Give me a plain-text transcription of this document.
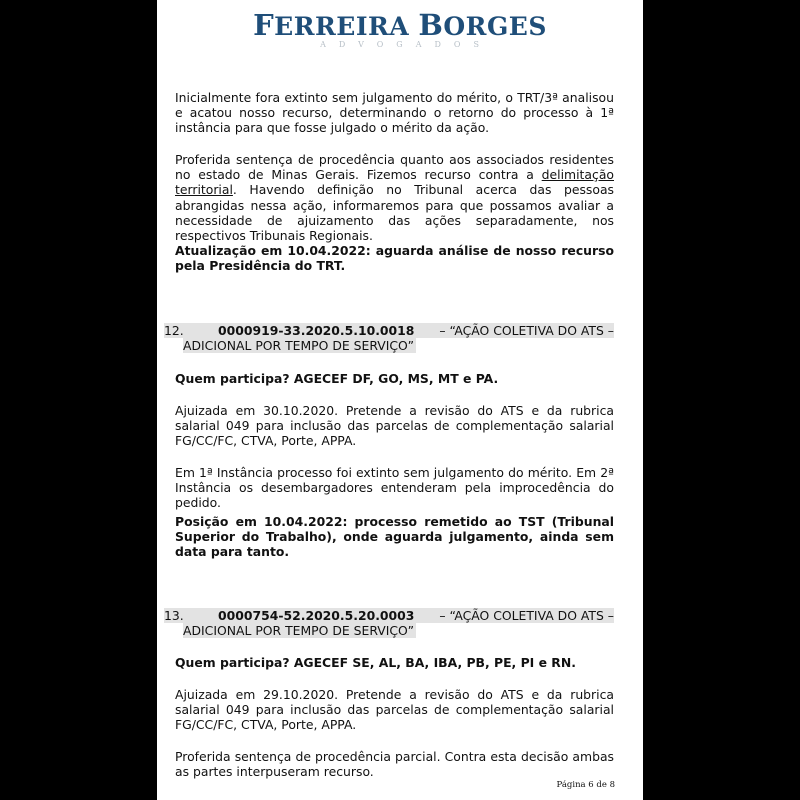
FERREIRA BORGES
ADVOGADOS

Inicialmente fora extinto sem julgamento do mérito, o TRT/3ª analisou e acatou nosso recurso, determinando o retorno do processo à 1ª instância para que fosse julgado o mérito da ação.

Proferida sentença de procedência quanto aos associados residentes no estado de Minas Gerais. Fizemos recurso contra a delimitação territorial. Havendo definição no Tribunal acerca das pessoas abrangidas nessa ação, informaremos para que possamos avaliar a necessidade de ajuizamento das ações separadamente, nos respectivos Tribunais Regionais.

Atualização em 10.04.2022: aguarda análise de nosso recurso pela Presidência do TRT.

12.	0000919-33.2020.5.10.0018 – “AÇÃO COLETIVA DO ATS –
ADICIONAL POR TEMPO DE SERVIÇO”

Quem participa? AGECEF DF, GO, MS, MT e PA.

Ajuizada em 30.10.2020. Pretende a revisão do ATS e da rubrica salarial 049 para inclusão das parcelas de complementação salarial FG/CC/FC, CTVA, Porte, APPA.

Em 1ª Instância processo foi extinto sem julgamento do mérito. Em 2ª Instância os desembargadores entenderam pela improcedência do pedido.

Posição em 10.04.2022: processo remetido ao TST (Tribunal Superior do Trabalho), onde aguarda julgamento, ainda sem data para tanto.

13.	0000754-52.2020.5.20.0003 – “AÇÃO COLETIVA DO ATS –
ADICIONAL POR TEMPO DE SERVIÇO”

Quem participa? AGECEF SE, AL, BA, IBA, PB, PE, PI e RN.

Ajuizada em 29.10.2020. Pretende a revisão do ATS e da rubrica salarial 049 para inclusão das parcelas de complementação salarial FG/CC/FC, CTVA, Porte, APPA.

Proferida sentença de procedência parcial. Contra esta decisão ambas as partes interpuseram recurso.

Página 6 de 8
